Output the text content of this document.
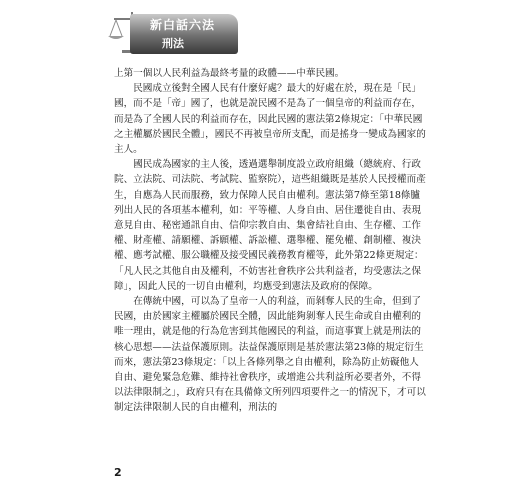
新白話六法
刑法

上第一個以人民利益為最終考量的政體——中華民國。

民國成立後對全國人民有什麼好處？最大的好處在於，現在是「民」國，而不是「帝」國了，也就是說民國不是為了一個皇帝的利益而存在，而是為了全國人民的利益而存在，因此民國的憲法第2條規定：「中華民國之主權屬於國民全體」，國民不再被皇帝所支配，而是搖身一變成為國家的主人。

國民成為國家的主人後，透過選舉制度設立政府組織（總統府、行政院、立法院、司法院、考試院、監察院），這些組織既是基於人民授權而產生，自應為人民而服務，致力保障人民自由權利。憲法第7條至第18條臚列出人民的各項基本權利，如：平等權、人身自由、居住遷徙自由、表現意見自由、秘密通訊自由、信仰宗教自由、集會結社自由、生存權、工作權、財產權、請願權、訴願權、訴訟權、選舉權、罷免權、創制權、複決權、應考試權、服公職權及接受國民義務教育權等，此外第22條更規定：「凡人民之其他自由及權利，不妨害社會秩序公共利益者，均受憲法之保障」，因此人民的一切自由權利，均應受到憲法及政府的保障。

在傳統中國，可以為了皇帝一人的利益，而剝奪人民的生命，但到了民國，由於國家主權屬於國民全體，因此能夠剝奪人民生命或自由權利的唯一理由，就是他的行為危害到其他國民的利益，而這事實上就是刑法的核心思想——法益保護原則。法益保護原則是基於憲法第23條的規定衍生而來，憲法第23條規定：「以上各條列舉之自由權利，除為防止妨礙他人自由、避免緊急危難、維持社會秩序，或增進公共利益所必要者外，不得以法律限制之」，政府只有在具備條文所列四項要件之一的情況下，才可以制定法律限制人民的自由權利，刑法的

2
